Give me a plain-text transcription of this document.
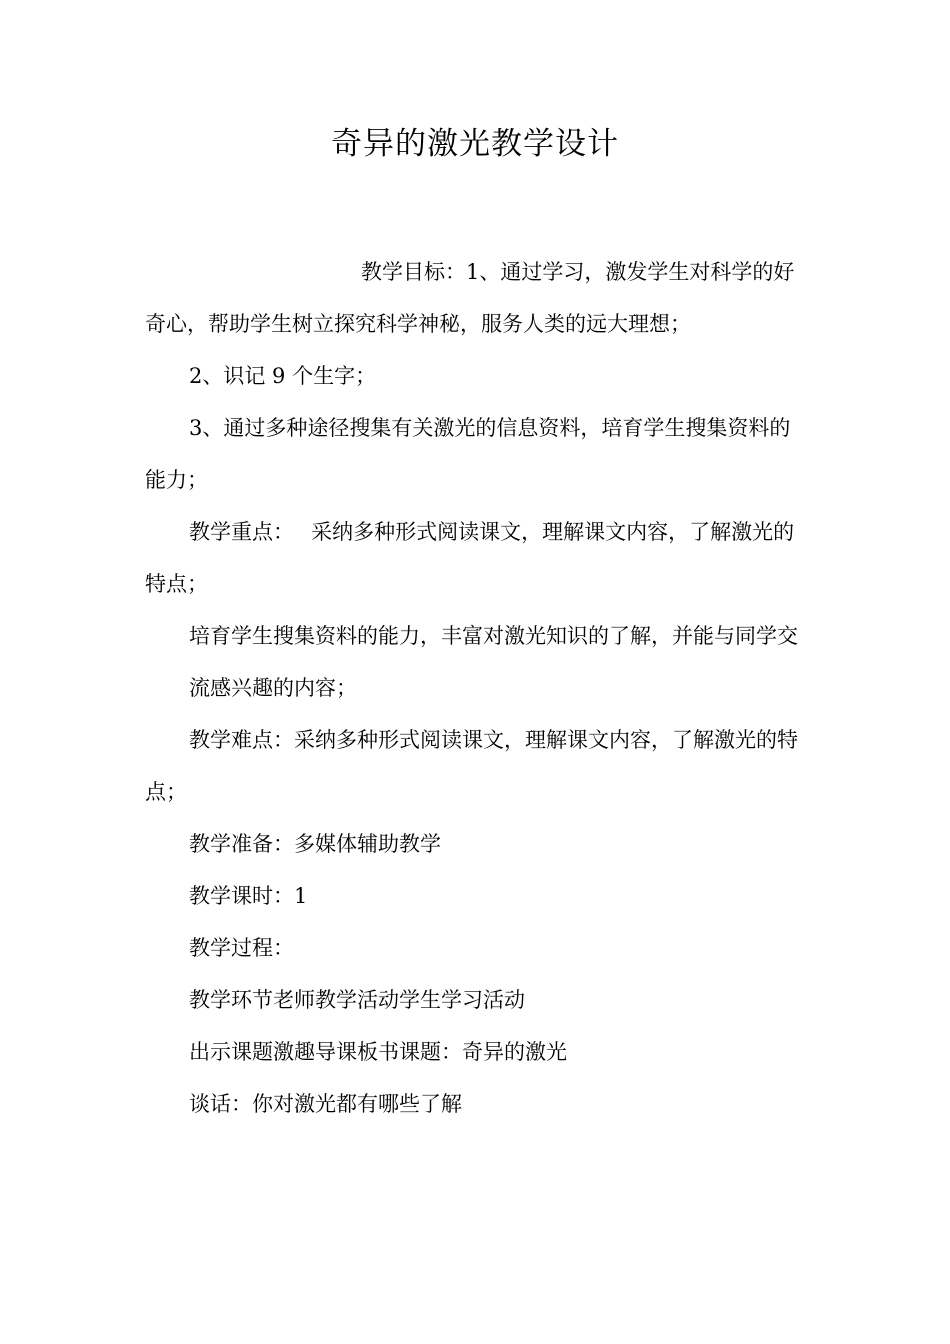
奇异的激光教学设计

教学目标：1、通过学习，激发学生对科学的好奇心，帮助学生树立探究科学神秘，服务人类的远大理想；

2、识记 9 个生字；

3、通过多种途径搜集有关激光的信息资料，培育学生搜集资料的能力；

教学重点：　 采纳多种形式阅读课文，理解课文内容，了解激光的特点；

培育学生搜集资料的能力，丰富对激光知识的了解，并能与同学交

流感兴趣的内容；

教学难点：采纳多种形式阅读课文，理解课文内容，了解激光的特点；

教学准备：多媒体辅助教学

教学课时：1

教学过程：

教学环节老师教学活动学生学习活动

出示课题激趣导课板书课题：奇异的激光

谈话：你对激光都有哪些了解
